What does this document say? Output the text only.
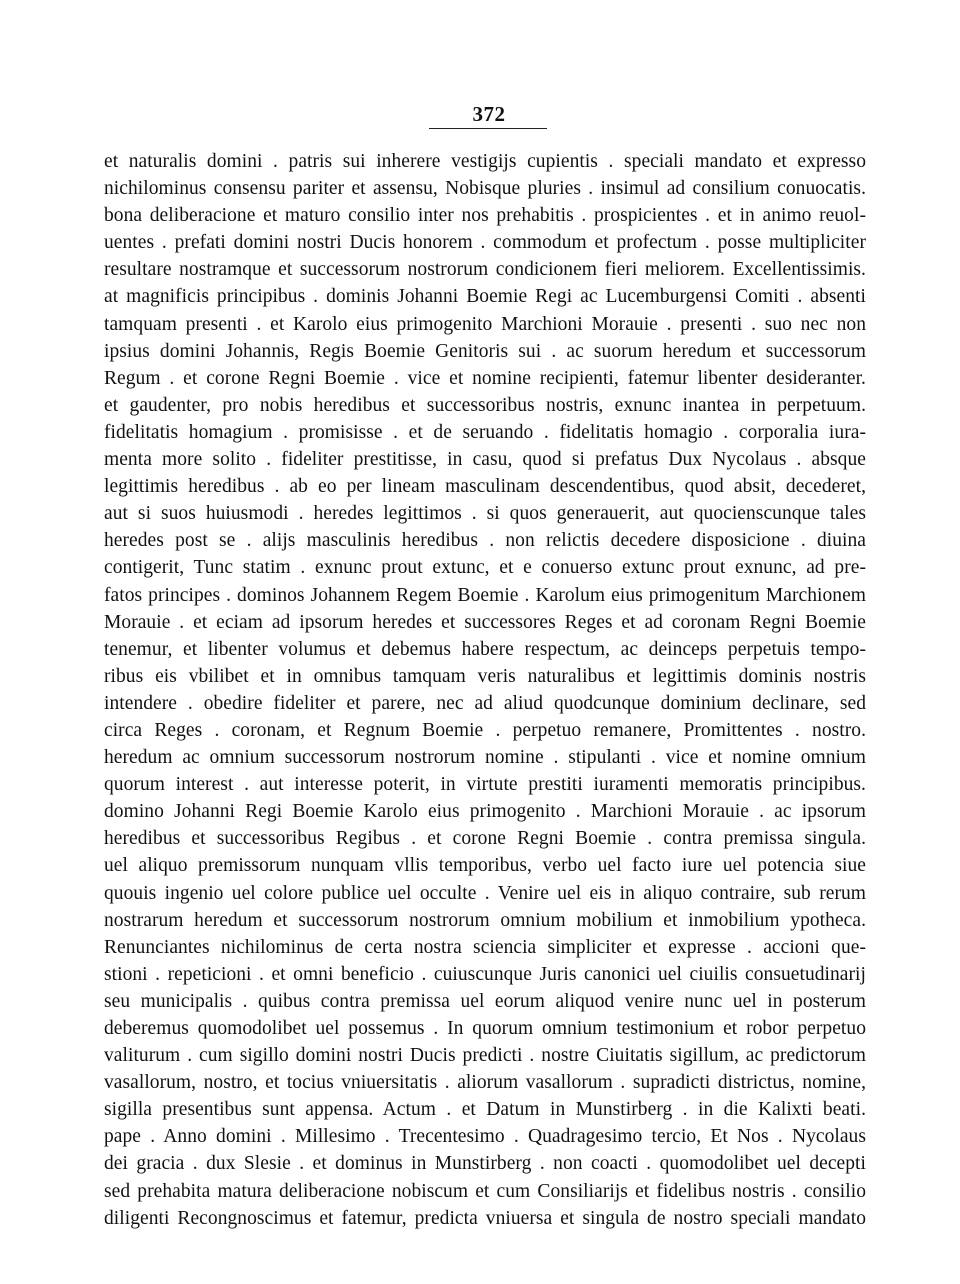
372
et naturalis domini . patris sui inherere vestigijs cupientis . speciali mandato et expresso
nichilominus consensu pariter et assensu, Nobisque pluries . insimul ad consilium conuocatis.
bona deliberacione et maturo consilio inter nos prehabitis . prospicientes . et in animo reuol-
uentes . prefati domini nostri Ducis honorem . commodum et profectum . posse multipliciter
resultare nostramque et successorum nostrorum condicionem fieri meliorem. Excellentissimis.
at magnificis principibus . dominis Johanni Boemie Regi ac Lucemburgensi Comiti . absenti
tamquam presenti . et Karolo eius primogenito Marchioni Morauie . presenti . suo nec non
ipsius domini Johannis, Regis Boemie Genitoris sui . ac suorum heredum et successorum
Regum . et corone Regni Boemie . vice et nomine recipienti, fatemur libenter desideranter.
et gaudenter, pro nobis heredibus et successoribus nostris, exnunc inantea in perpetuum.
fidelitatis homagium . promisisse . et de seruando . fidelitatis homagio . corporalia iura-
menta more solito . fideliter prestitisse, in casu, quod si prefatus Dux Nycolaus . absque
legittimis heredibus . ab eo per lineam masculinam descendentibus, quod absit, decederet,
aut si suos huiusmodi . heredes legittimos . si quos generauerit, aut quocienscunque tales
heredes post se . alijs masculinis heredibus . non relictis decedere disposicione . diuina
contigerit, Tunc statim . exnunc prout extunc, et e conuerso extunc prout exnunc, ad pre-
fatos principes . dominos Johannem Regem Boemie . Karolum eius primogenitum Marchionem
Morauie . et eciam ad ipsorum heredes et successores Reges et ad coronam Regni Boemie
tenemur, et libenter volumus et debemus habere respectum, ac deinceps perpetuis tempo-
ribus eis vbilibet et in omnibus tamquam veris naturalibus et legittimis dominis nostris
intendere . obedire fideliter et parere, nec ad aliud quodcunque dominium declinare, sed
circa Reges . coronam, et Regnum Boemie . perpetuo remanere, Promittentes . nostro.
heredum ac omnium successorum nostrorum nomine . stipulanti . vice et nomine omnium
quorum interest . aut interesse poterit, in virtute prestiti iuramenti memoratis principibus.
domino Johanni Regi Boemie Karolo eius primogenito . Marchioni Morauie . ac ipsorum
heredibus et successoribus Regibus . et corone Regni Boemie . contra premissa singula.
uel aliquo premissorum nunquam vllis temporibus, verbo uel facto iure uel potencia siue
quouis ingenio uel colore publice uel occulte . Venire uel eis in aliquo contraire, sub rerum
nostrarum heredum et successorum nostrorum omnium mobilium et inmobilium ypotheca.
Renunciantes nichilominus de certa nostra sciencia simpliciter et expresse . accioni que-
stioni . repeticioni . et omni beneficio . cuiuscunque Juris canonici uel ciuilis consuetudinarij
seu municipalis . quibus contra premissa uel eorum aliquod venire nunc uel in posterum
deberemus quomodolibet uel possemus . In quorum omnium testimonium et robor perpetuo
valiturum . cum sigillo domini nostri Ducis predicti . nostre Ciuitatis sigillum, ac predictorum
vasallorum, nostro, et tocius vniuersitatis . aliorum vasallorum . supradicti districtus, nomine,
sigilla presentibus sunt appensa. Actum . et Datum in Munstirberg . in die Kalixti beati.
pape . Anno domini . Millesimo . Trecentesimo . Quadragesimo tercio, Et Nos . Nycolaus
dei gracia . dux Slesie . et dominus in Munstirberg . non coacti . quomodolibet uel decepti
sed prehabita matura deliberacione nobiscum et cum Consiliarijs et fidelibus nostris . consilio
diligenti Recongnoscimus et fatemur, predicta vniuersa et singula de nostro speciali mandato
